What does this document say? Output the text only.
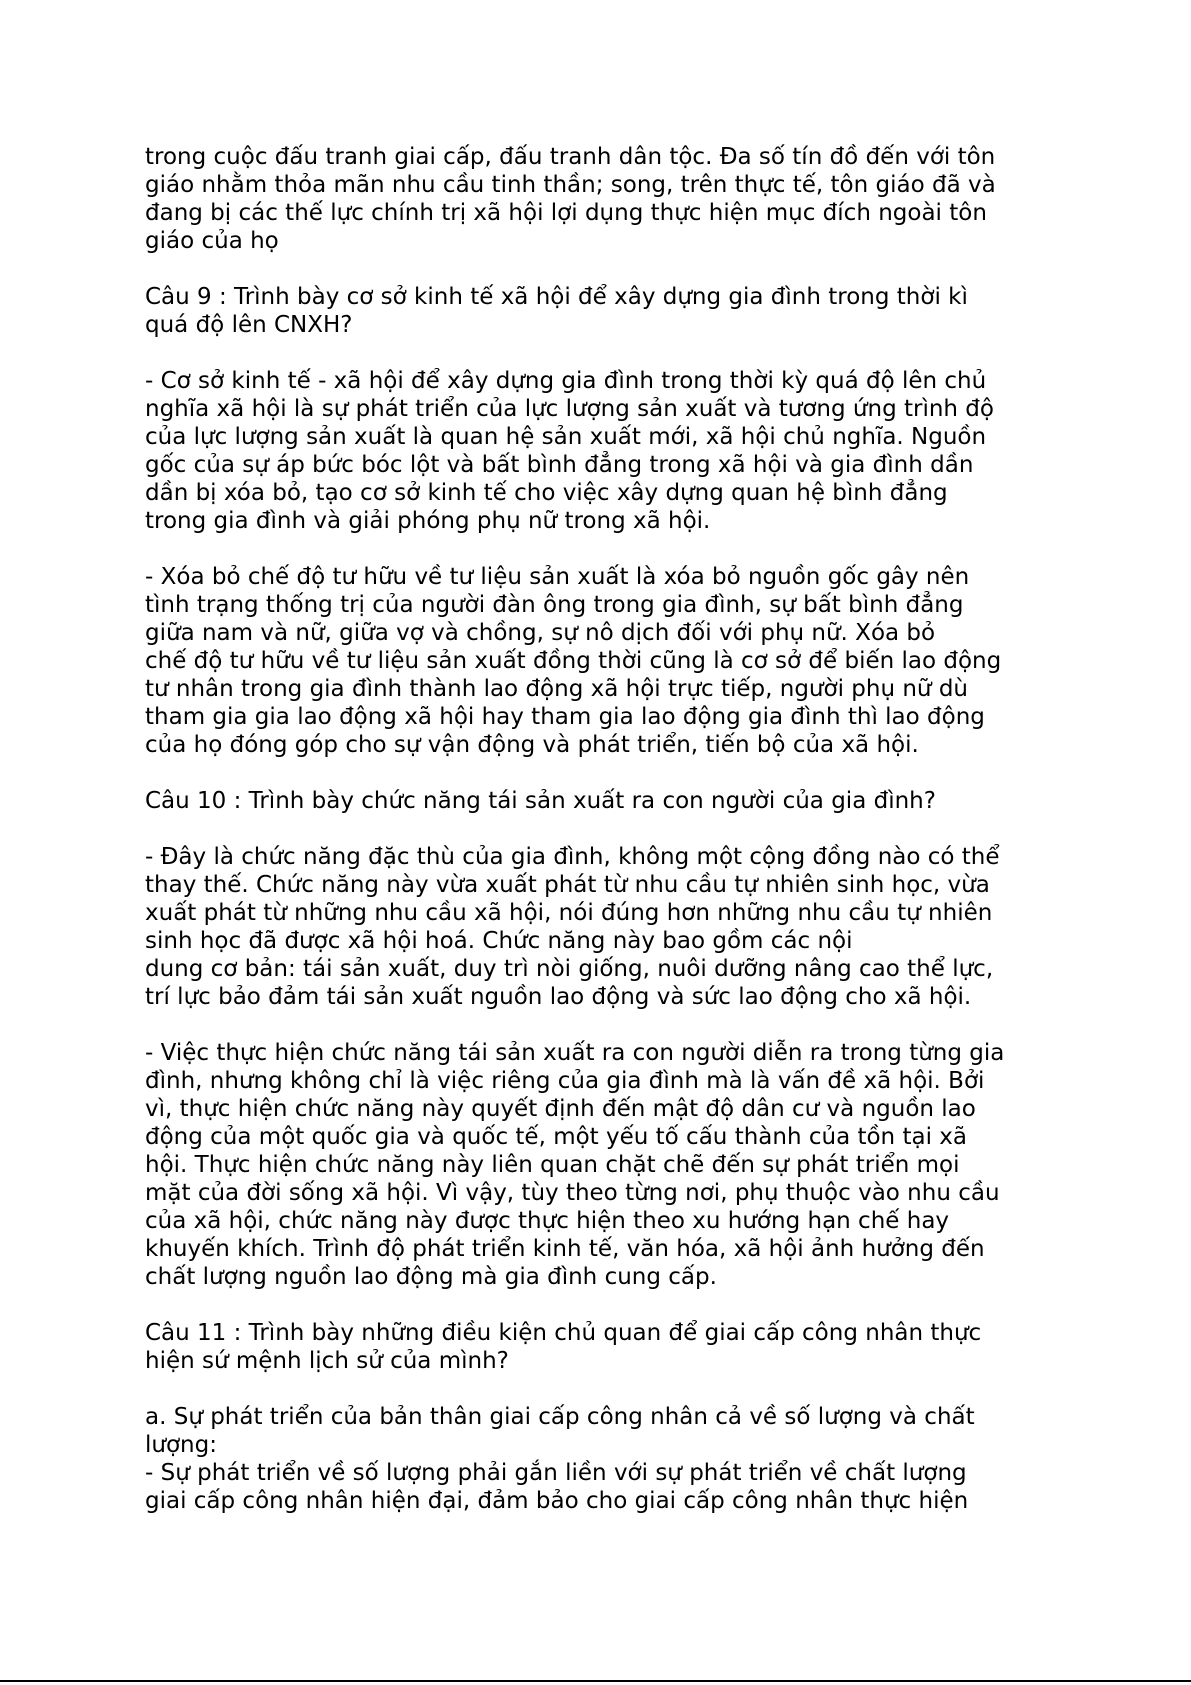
trong cuộc đấu tranh giai cấp, đấu tranh dân tộc. Đa số tín đồ đến với tôn
giáo nhằm thỏa mãn nhu cầu tinh thần; song, trên thực tế, tôn giáo đã và
đang bị các thế lực chính trị xã hội lợi dụng thực hiện mục đích ngoài tôn
giáo của họ
Câu 9 : Trình bày cơ sở kinh tế xã hội để xây dựng gia đình trong thời kì
quá độ lên CNXH?
- Cơ sở kinh tế - xã hội để xây dựng gia đình trong thời kỳ quá độ lên chủ
nghĩa xã hội là sự phát triển của lực lượng sản xuất và tương ứng trình độ
của lực lượng sản xuất là quan hệ sản xuất mới, xã hội chủ nghĩa. Nguồn
gốc của sự áp bức bóc lột và bất bình đẳng trong xã hội và gia đình dần
dần bị xóa bỏ, tạo cơ sở kinh tế cho việc xây dựng quan hệ bình đẳng
trong gia đình và giải phóng phụ nữ trong xã hội.
- Xóa bỏ chế độ tư hữu về tư liệu sản xuất là xóa bỏ nguồn gốc gây nên
tình trạng thống trị của người đàn ông trong gia đình, sự bất bình đẳng
giữa nam và nữ, giữa vợ và chồng, sự nô dịch đối với phụ nữ. Xóa bỏ
chế độ tư hữu về tư liệu sản xuất đồng thời cũng là cơ sở để biến lao động
tư nhân trong gia đình thành lao động xã hội trực tiếp, người phụ nữ dù
tham gia gia lao động xã hội hay tham gia lao động gia đình thì lao động
của họ đóng góp cho sự vận động và phát triển, tiến bộ của xã hội.
Câu 10 : Trình bày chức năng tái sản xuất ra con người của gia đình?
- Đây là chức năng đặc thù của gia đình, không một cộng đồng nào có thể
thay thế. Chức năng này vừa xuất phát từ nhu cầu tự nhiên sinh học, vừa
xuất phát từ những nhu cầu xã hội, nói đúng hơn những nhu cầu tự nhiên
sinh học đã được xã hội hoá. Chức năng này bao gồm các nội
dung cơ bản: tái sản xuất, duy trì nòi giống, nuôi dưỡng nâng cao thể lực,
trí lực bảo đảm tái sản xuất nguồn lao động và sức lao động cho xã hội.
- Việc thực hiện chức năng tái sản xuất ra con người diễn ra trong từng gia
đình, nhưng không chỉ là việc riêng của gia đình mà là vấn đề xã hội. Bởi
vì, thực hiện chức năng này quyết định đến mật độ dân cư và nguồn lao
động của một quốc gia và quốc tế, một yếu tố cấu thành của tồn tại xã
hội. Thực hiện chức năng này liên quan chặt chẽ đến sự phát triển mọi
mặt của đời sống xã hội. Vì vậy, tùy theo từng nơi, phụ thuộc vào nhu cầu
của xã hội, chức năng này được thực hiện theo xu hướng hạn chế hay
khuyến khích. Trình độ phát triển kinh tế, văn hóa, xã hội ảnh hưởng đến
chất lượng nguồn lao động mà gia đình cung cấp.
Câu 11 : Trình bày những điều kiện chủ quan để giai cấp công nhân thực
hiện sứ mệnh lịch sử của mình?
a. Sự phát triển của bản thân giai cấp công nhân cả về số lượng và chất
lượng:
- Sự phát triển về số lượng phải gắn liền với sự phát triển về chất lượng
giai cấp công nhân hiện đại, đảm bảo cho giai cấp công nhân thực hiện
